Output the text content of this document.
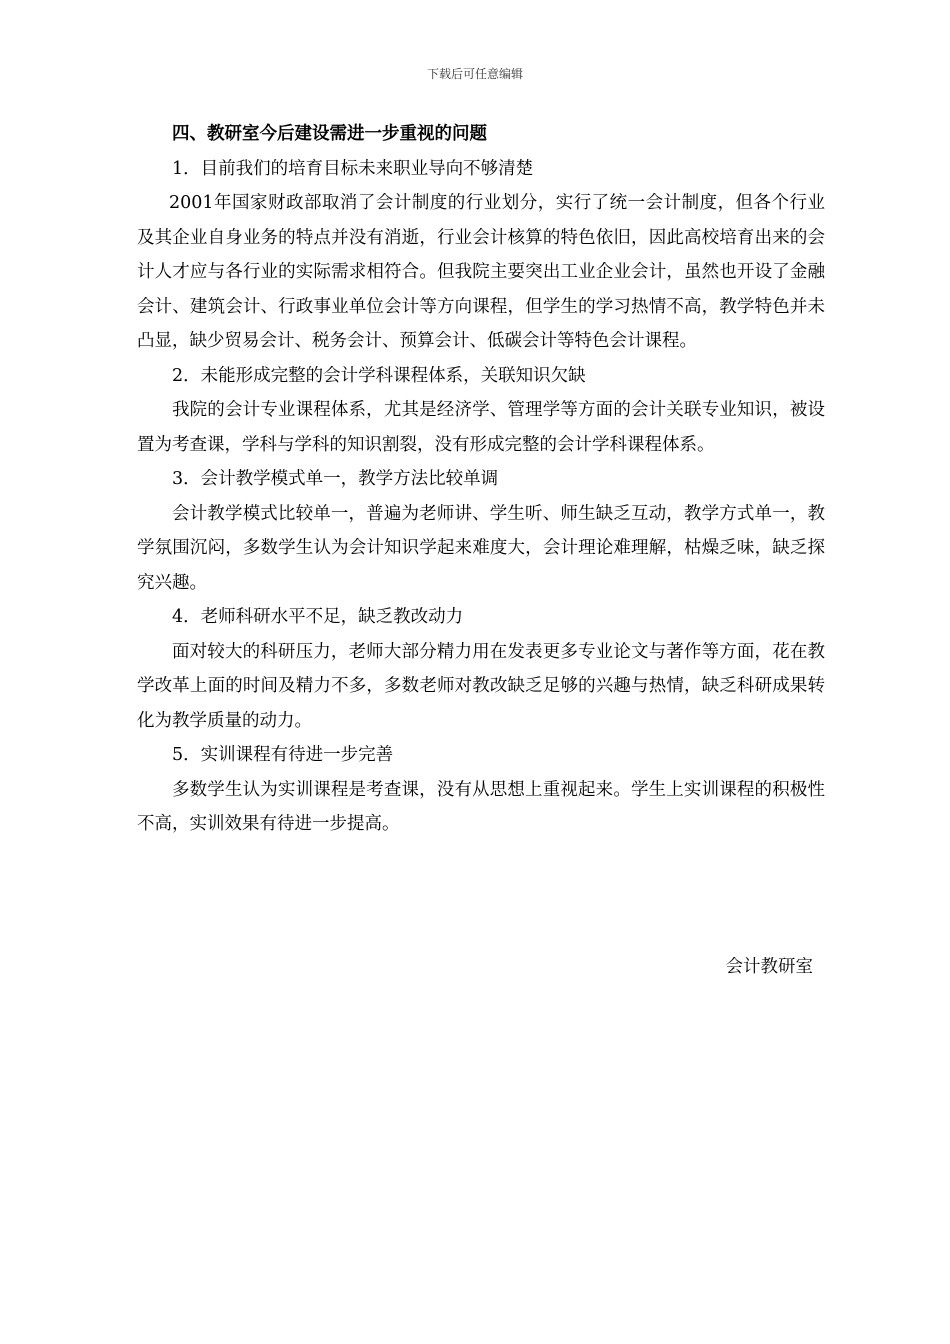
下载后可任意编辑

四、教研室今后建设需进一步重视的问题

1．目前我们的培育目标未来职业导向不够清楚

2001年国家财政部取消了会计制度的行业划分，实行了统一会计制度，但各个行业及其企业自身业务的特点并没有消逝，行业会计核算的特色依旧，因此高校培育出来的会计人才应与各行业的实际需求相符合。但我院主要突出工业企业会计，虽然也开设了金融会计、建筑会计、行政事业单位会计等方向课程，但学生的学习热情不高，教学特色并未凸显，缺少贸易会计、税务会计、预算会计、低碳会计等特色会计课程。

2．未能形成完整的会计学科课程体系，关联知识欠缺

我院的会计专业课程体系，尤其是经济学、管理学等方面的会计关联专业知识，被设置为考查课，学科与学科的知识割裂，没有形成完整的会计学科课程体系。

3．会计教学模式单一，教学方法比较单调

会计教学模式比较单一，普遍为老师讲、学生听、师生缺乏互动，教学方式单一，教学氛围沉闷，多数学生认为会计知识学起来难度大，会计理论难理解，枯燥乏味，缺乏探究兴趣。

4．老师科研水平不足，缺乏教改动力

面对较大的科研压力，老师大部分精力用在发表更多专业论文与著作等方面，花在教学改革上面的时间及精力不多，多数老师对教改缺乏足够的兴趣与热情，缺乏科研成果转化为教学质量的动力。

5．实训课程有待进一步完善

多数学生认为实训课程是考查课，没有从思想上重视起来。学生上实训课程的积极性不高，实训效果有待进一步提高。

会计教研室
